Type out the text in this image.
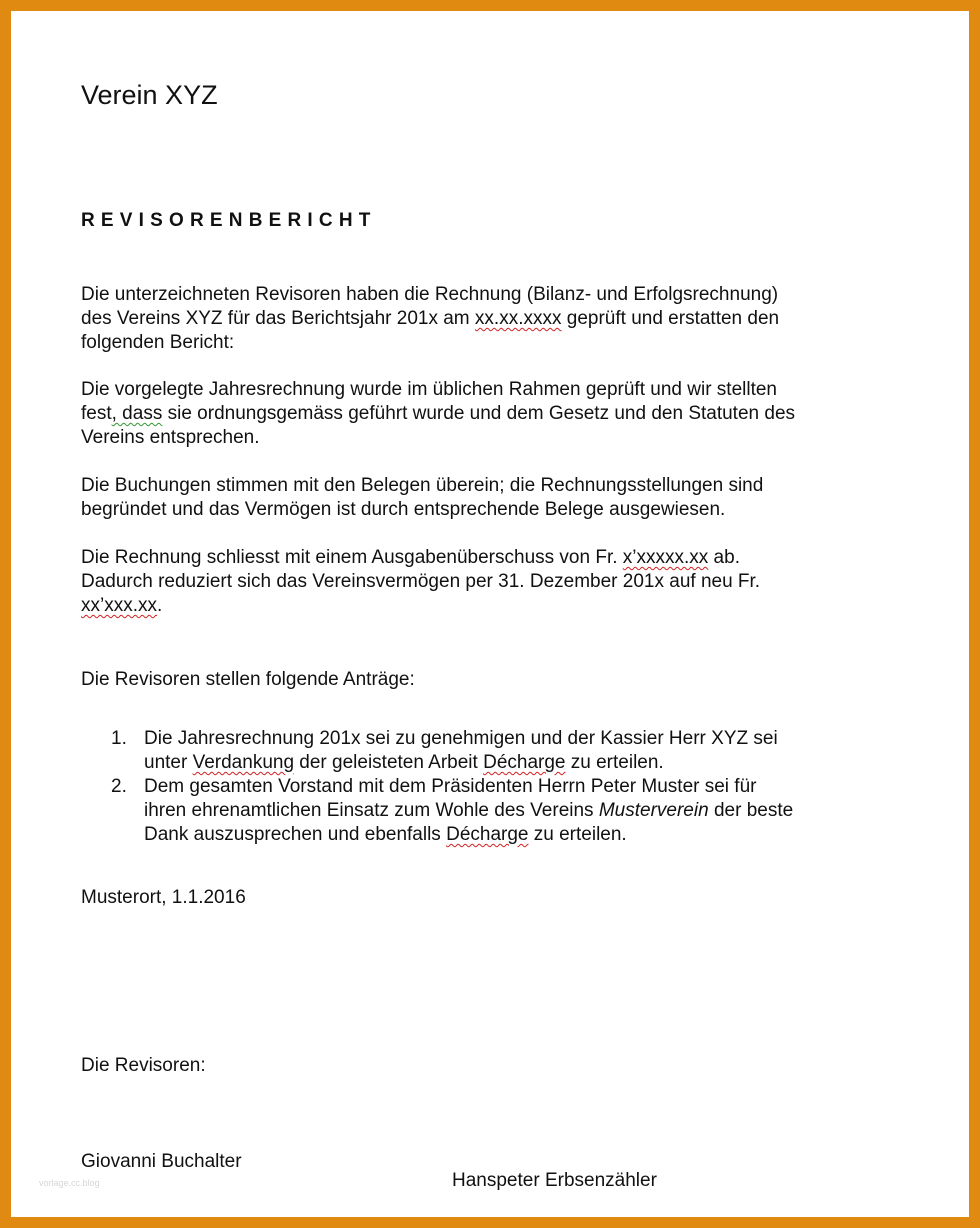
Verein XYZ

REVISORENBERICHT

Die unterzeichneten Revisoren haben die Rechnung (Bilanz- und Erfolgsrechnung)
des Vereins XYZ für das Berichtsjahr 201x am xx.xx.xxxx geprüft und erstatten den
folgenden Bericht:
Die vorgelegte Jahresrechnung wurde im üblichen Rahmen geprüft und wir stellten
fest, dass sie ordnungsgemäss geführt wurde und dem Gesetz und den Statuten des
Vereins entsprechen.
Die Buchungen stimmen mit den Belegen überein; die Rechnungsstellungen sind
begründet und das Vermögen ist durch entsprechende Belege ausgewiesen.
Die Rechnung schliesst mit einem Ausgabenüberschuss von Fr. x’xxxxx.xx ab.
Dadurch reduziert sich das Vereinsvermögen per 31. Dezember 201x auf neu Fr.
xx’xxx.xx.

Die Revisoren stellen folgende Anträge:

1. Die Jahresrechnung 201x sei zu genehmigen und der Kassier Herr XYZ sei
unter Verdankung der geleisteten Arbeit Décharge zu erteilen.
2. Dem gesamten Vorstand mit dem Präsidenten Herrn Peter Muster sei für
ihren ehrenamtlichen Einsatz zum Wohle des Vereins Musterverein der beste
Dank auszusprechen und ebenfalls Décharge zu erteilen.

Musterort, 1.1.2016

Die Revisoren:

Giovanni Buchalter

Hanspeter Erbsenzähler

vorlage.cc.blog
